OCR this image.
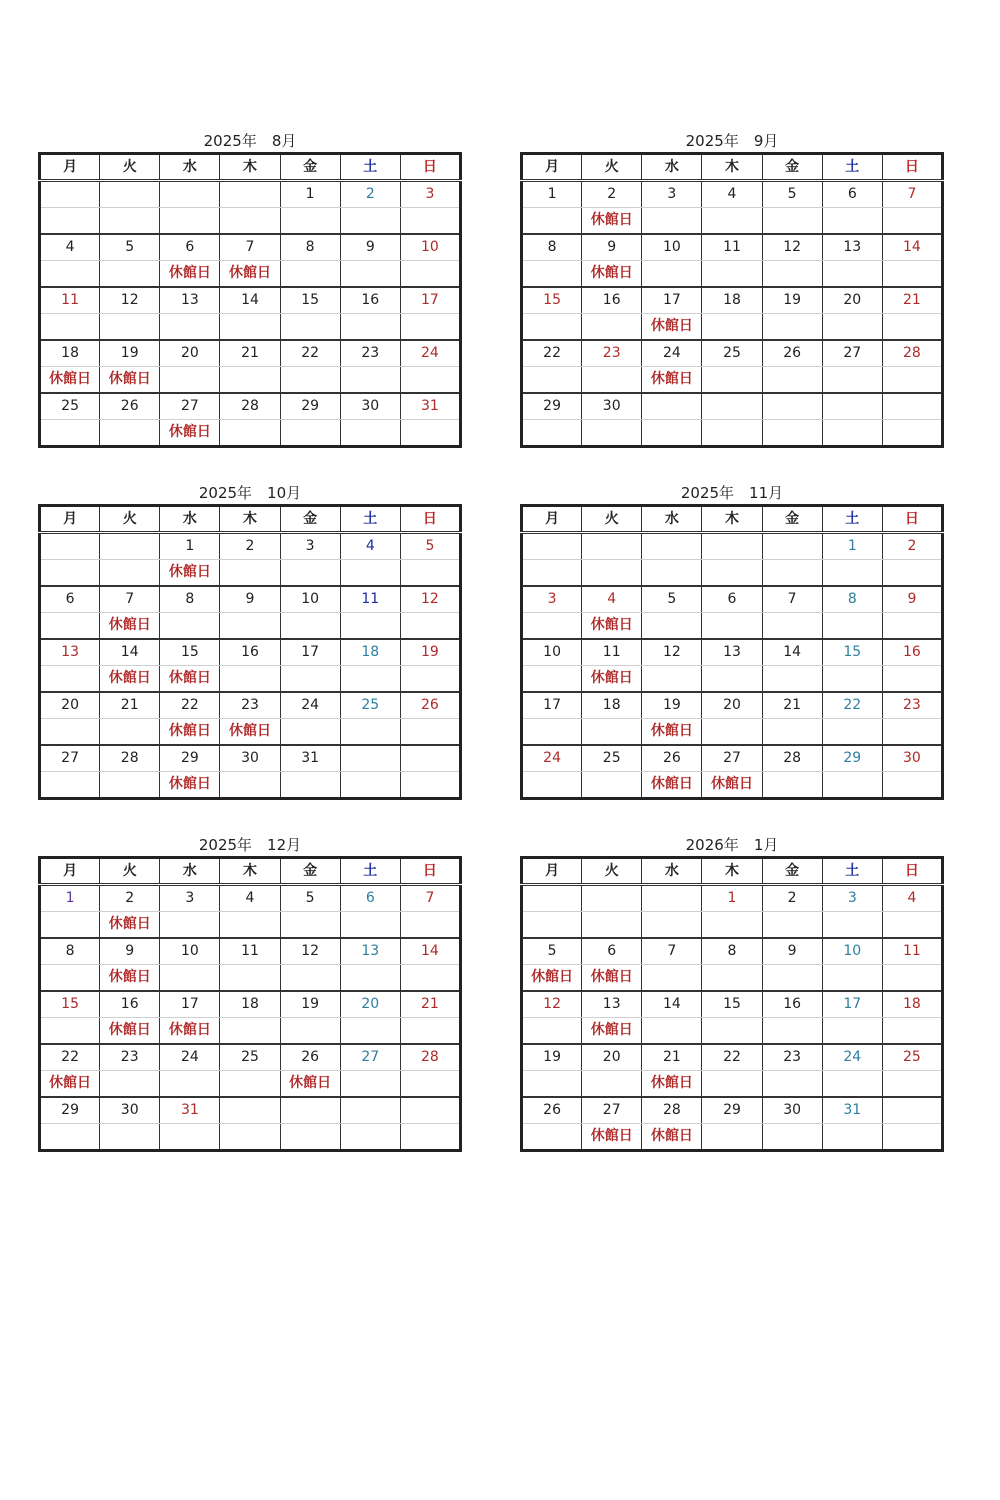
2025年　8月
月	火	水	木	金	土	日
				1	2	3

4	5	6	7	8	9	10
		休館日	休館日			
11	12	13	14	15	16	17

18	19	20	21	22	23	24
休館日	休館日					
25	26	27	28	29	30	31
		休館日				
2025年　9月
月	火	水	木	金	土	日
1	2	3	4	5	6	7
	休館日					
8	9	10	11	12	13	14
	休館日					
15	16	17	18	19	20	21
		休館日				
22	23	24	25	26	27	28
		休館日				
29	30					

2025年　10月
月	火	水	木	金	土	日
		1	2	3	4	5
		休館日				
6	7	8	9	10	11	12
	休館日					
13	14	15	16	17	18	19
	休館日	休館日				
20	21	22	23	24	25	26
		休館日	休館日			
27	28	29	30	31		
		休館日				
2025年　11月
月	火	水	木	金	土	日
					1	2

3	4	5	6	7	8	9
	休館日					
10	11	12	13	14	15	16
	休館日					
17	18	19	20	21	22	23
		休館日				
24	25	26	27	28	29	30
		休館日	休館日			
2025年　12月
月	火	水	木	金	土	日
1	2	3	4	5	6	7
	休館日					
8	9	10	11	12	13	14
	休館日					
15	16	17	18	19	20	21
	休館日	休館日				
22	23	24	25	26	27	28
休館日				休館日		
29	30	31				

2026年　1月
月	火	水	木	金	土	日
			1	2	3	4

5	6	7	8	9	10	11
休館日	休館日					
12	13	14	15	16	17	18
	休館日					
19	20	21	22	23	24	25
		休館日				
26	27	28	29	30	31	
	休館日	休館日				
